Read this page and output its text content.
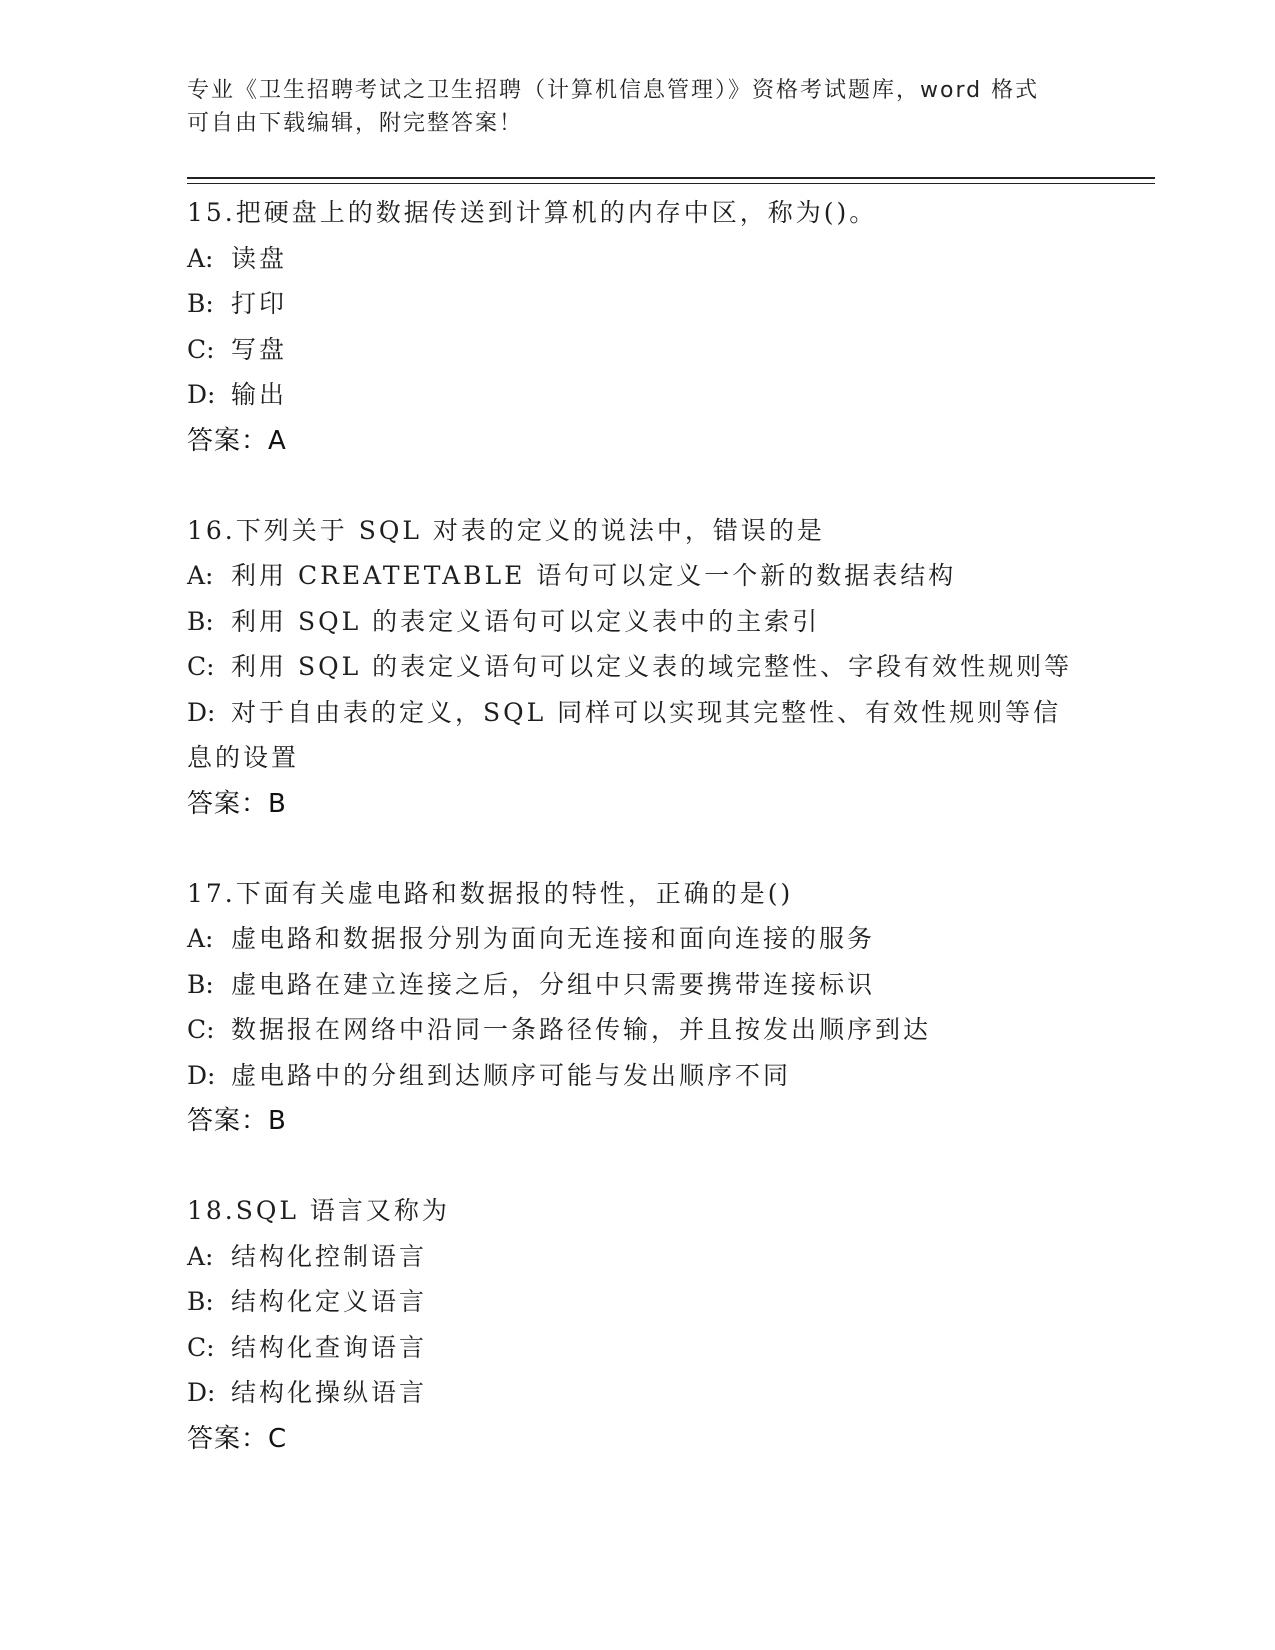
专业《卫生招聘考试之卫生招聘（计算机信息管理）》资格考试题库，word 格式
可自由下载编辑，附完整答案！
15.把硬盘上的数据传送到计算机的内存中区，称为()。
A: 读盘
B: 打印
C: 写盘
D: 输出
答案：A
16.下列关于 SQL 对表的定义的说法中，错误的是
A: 利用 CREATETABLE 语句可以定义一个新的数据表结构
B: 利用 SQL 的表定义语句可以定义表中的主索引
C: 利用 SQL 的表定义语句可以定义表的域完整性、字段有效性规则等
D: 对于自由表的定义，SQL 同样可以实现其完整性、有效性规则等信
息的设置
答案：B
17.下面有关虚电路和数据报的特性，正确的是()
A: 虚电路和数据报分别为面向无连接和面向连接的服务
B: 虚电路在建立连接之后，分组中只需要携带连接标识
C: 数据报在网络中沿同一条路径传输，并且按发出顺序到达
D: 虚电路中的分组到达顺序可能与发出顺序不同
答案：B
18.SQL 语言又称为
A: 结构化控制语言
B: 结构化定义语言
C: 结构化查询语言
D: 结构化操纵语言
答案：C
